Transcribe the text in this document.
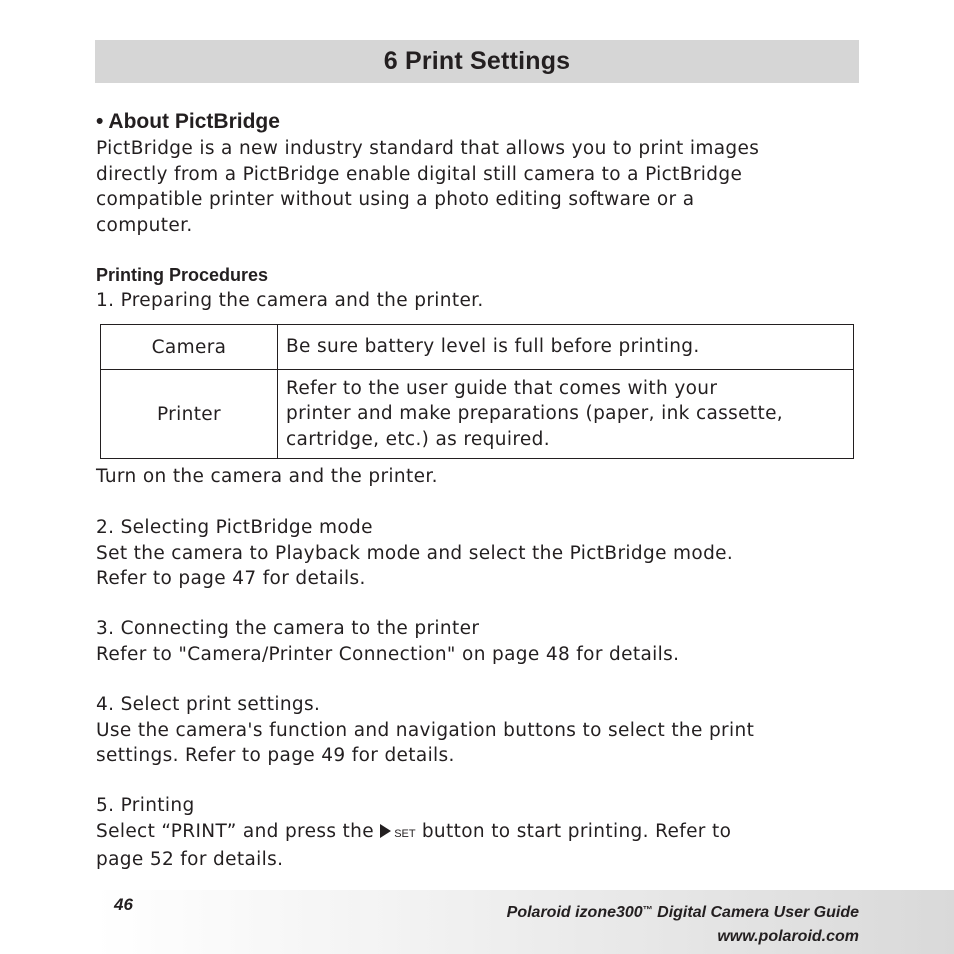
6 Print Settings
• About PictBridge
PictBridge is a new industry standard that allows you to print images
directly from a PictBridge enable digital still camera to a PictBridge
compatible printer without using a photo editing software or a
computer.
Printing Procedures
1. Preparing the camera and the printer.
Camera	Be sure battery level is full before printing.
Printer	Refer to the user guide that comes with your
printer and make preparations (paper, ink cassette,
cartridge, etc.) as required.
Turn on the camera and the printer.
2. Selecting PictBridge mode
Set the camera to Playback mode and select the PictBridge mode.
Refer to page 47 for details.
3. Connecting the camera to the printer
Refer to "Camera/Printer Connection" on page 48 for details.
4. Select print settings.
Use the camera's function and navigation buttons to select the print
settings. Refer to page 49 for details.
5. Printing
Select “PRINT” and press the SET button to start printing. Refer to
page 52 for details.
46	Polaroid izone300™ Digital Camera User Guide
www.polaroid.com
